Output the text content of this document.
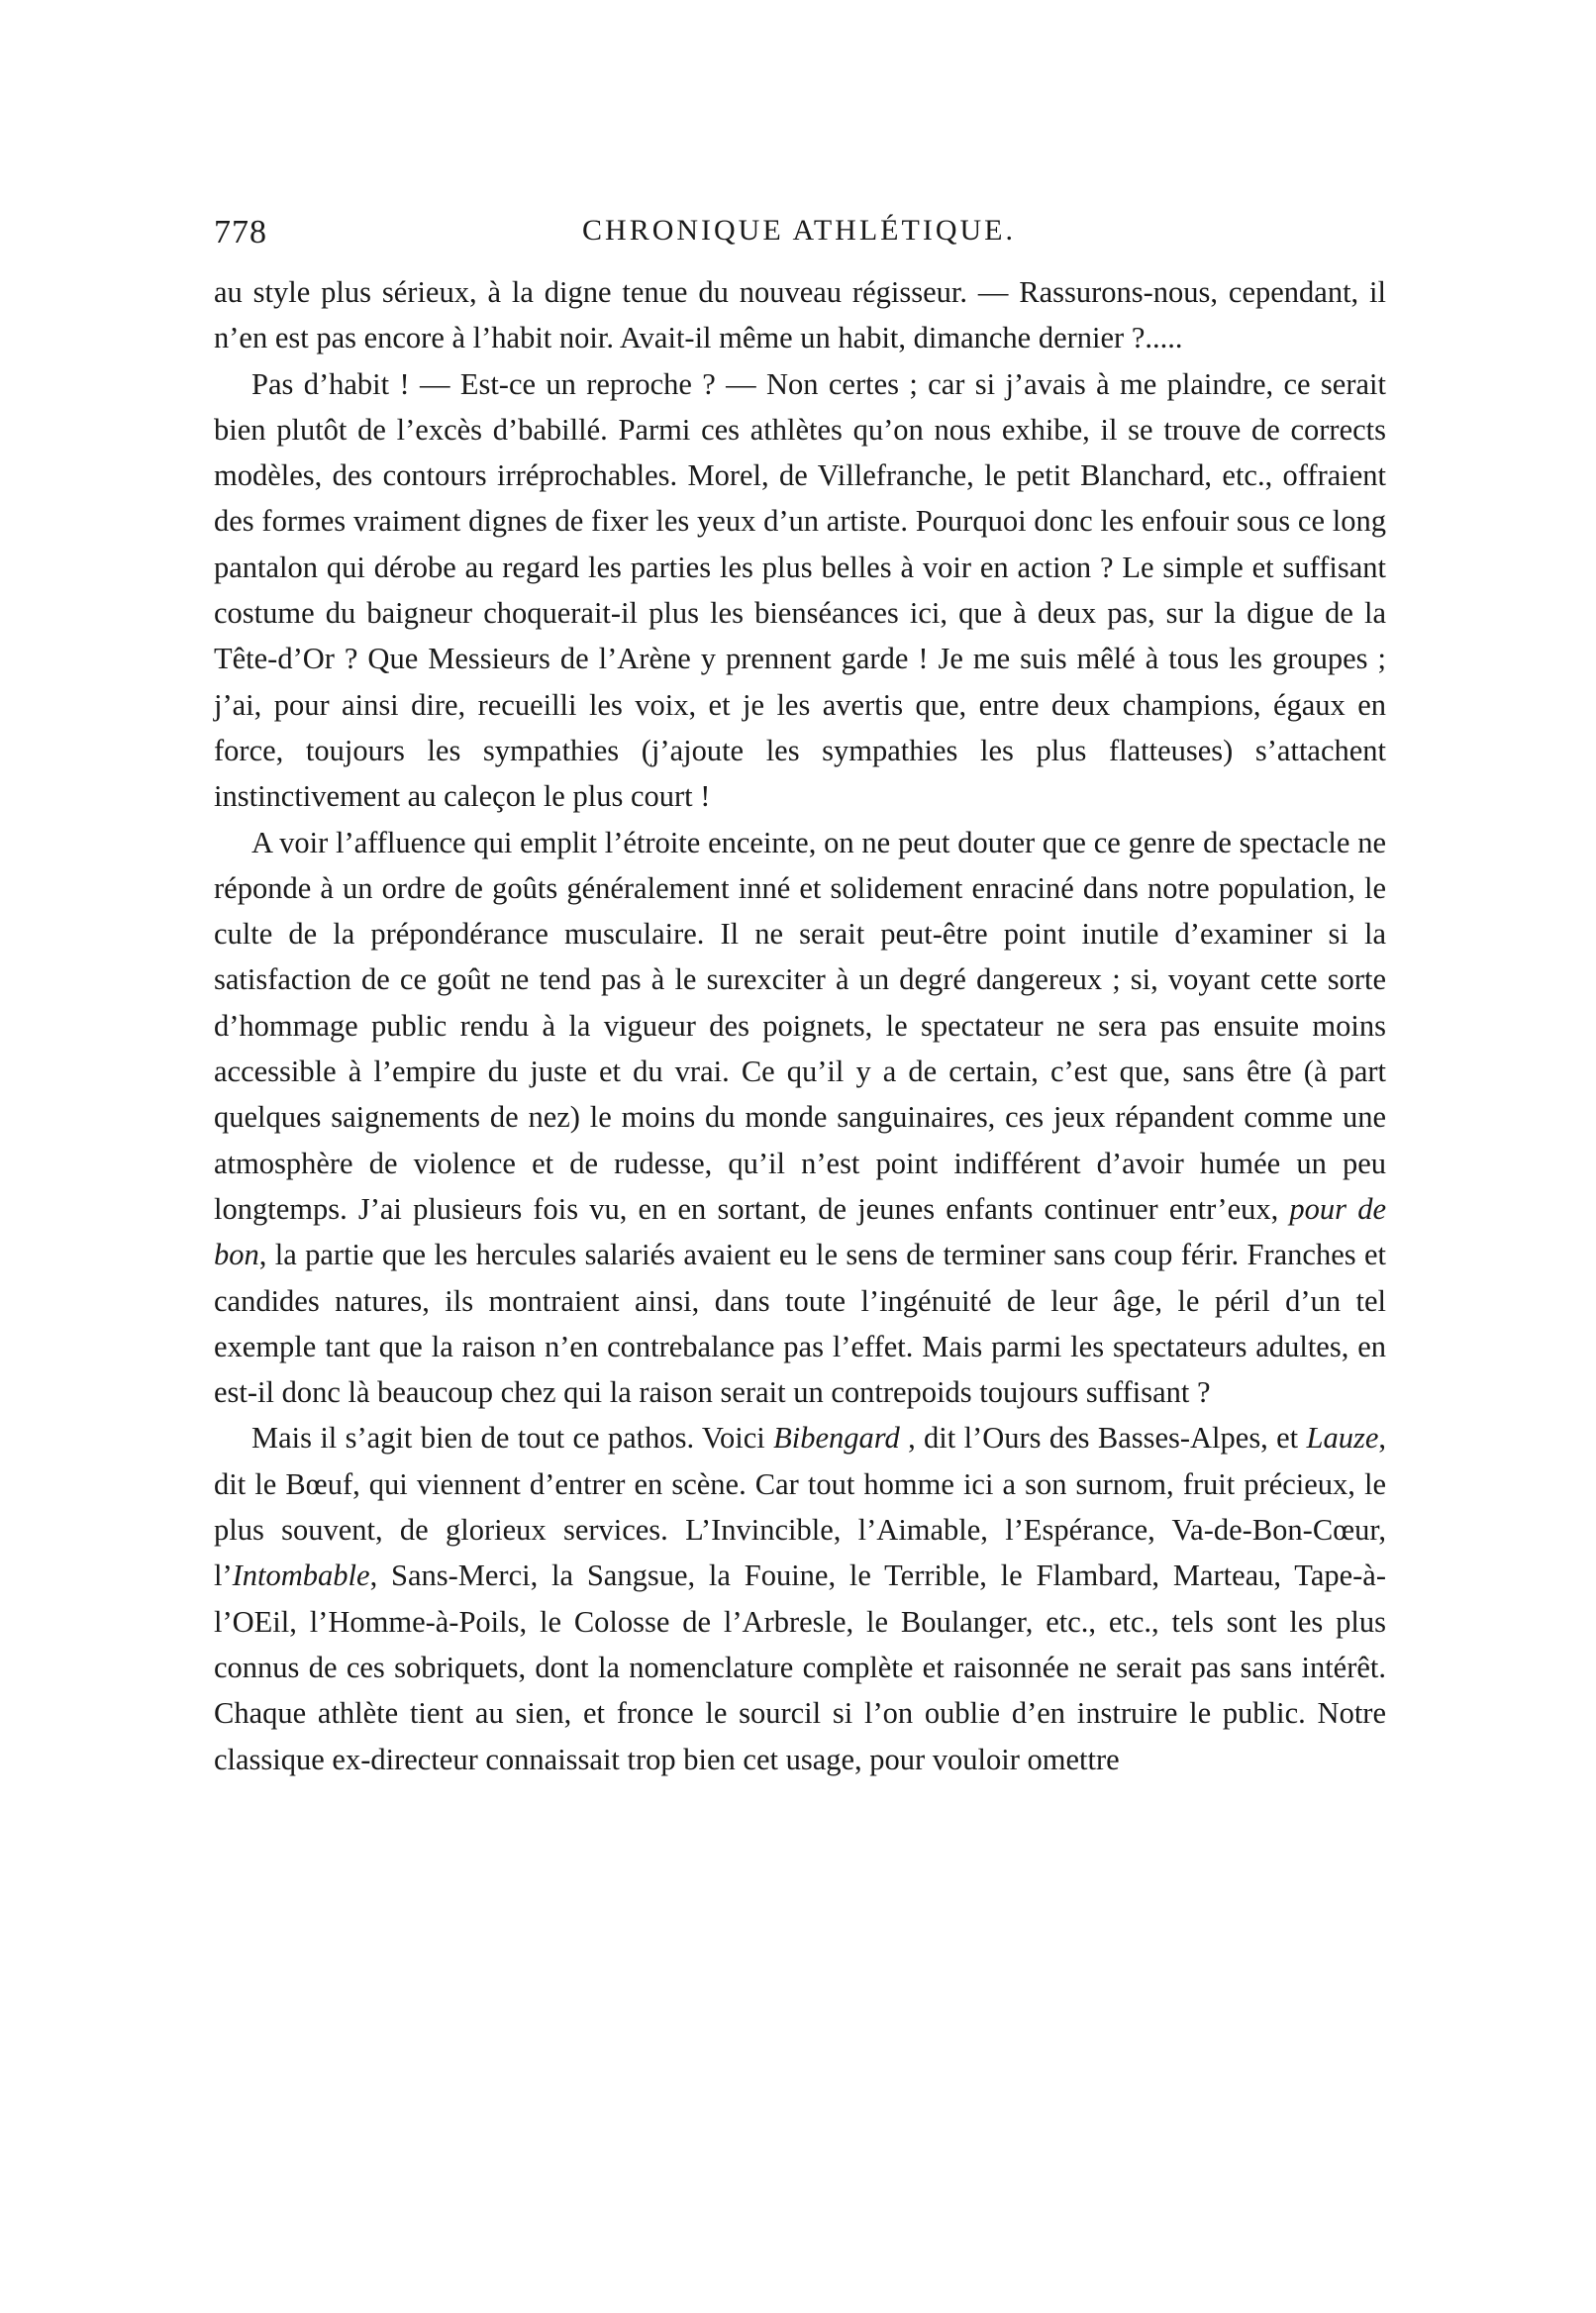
778	CHRONIQUE ATHLÉTIQUE.

au style plus sérieux, à la digne tenue du nouveau régisseur. — Rassurons-nous, cependant, il n’en est pas encore à l’habit noir. Avait-il même un habit, dimanche dernier ?.....

Pas d’habit ! — Est-ce un reproche ? — Non certes ; car si j’avais à me plaindre, ce serait bien plutôt de l’excès d’babillé. Parmi ces athlètes qu’on nous exhibe, il se trouve de corrects modèles, des contours irréprochables. Morel, de Villefranche, le petit Blanchard, etc., offraient des formes vraiment dignes de fixer les yeux d’un artiste. Pourquoi donc les enfouir sous ce long pantalon qui dérobe au regard les parties les plus belles à voir en action ? Le simple et suffisant costume du baigneur choquerait-il plus les bienséances ici, que à deux pas, sur la digue de la Tête-d’Or ? Que Messieurs de l’Arène y prennent garde ! Je me suis mêlé à tous les groupes ; j’ai, pour ainsi dire, recueilli les voix, et je les avertis que, entre deux champions, égaux en force, toujours les sympathies (j’ajoute les sympathies les plus flatteuses) s’attachent instinctivement au caleçon le plus court !

A voir l’affluence qui emplit l’étroite enceinte, on ne peut douter que ce genre de spectacle ne réponde à un ordre de goûts généralement inné et solidement enraciné dans notre population, le culte de la prépondérance musculaire. Il ne serait peut-être point inutile d’examiner si la satisfaction de ce goût ne tend pas à le surexciter à un degré dangereux ; si, voyant cette sorte d’hommage public rendu à la vigueur des poignets, le spectateur ne sera pas ensuite moins accessible à l’empire du juste et du vrai. Ce qu’il y a de certain, c’est que, sans être (à part quelques saignements de nez) le moins du monde sanguinaires, ces jeux répandent comme une atmosphère de violence et de rudesse, qu’il n’est point indifférent d’avoir humée un peu longtemps. J’ai plusieurs fois vu, en en sortant, de jeunes enfants continuer entr’eux, pour de bon, la partie que les hercules salariés avaient eu le sens de terminer sans coup férir. Franches et candides natures, ils montraient ainsi, dans toute l’ingénuité de leur âge, le péril d’un tel exemple tant que la raison n’en contrebalance pas l’effet. Mais parmi les spectateurs adultes, en est-il donc là beaucoup chez qui la raison serait un contrepoids toujours suffisant ?

Mais il s’agit bien de tout ce pathos. Voici Bibengard , dit l’Ours des Basses-Alpes, et Lauze, dit le Bœuf, qui viennent d’entrer en scène. Car tout homme ici a son surnom, fruit précieux, le plus souvent, de glorieux services. L’Invincible, l’Aimable, l’Espérance, Va-de-Bon-Cœur, l’Intombable, Sans-Merci, la Sangsue, la Fouine, le Terrible, le Flambard, Marteau, Tape-à-l’OEil, l’Homme-à-Poils, le Colosse de l’Arbresle, le Boulanger, etc., etc., tels sont les plus connus de ces sobriquets, dont la nomenclature complète et raisonnée ne serait pas sans intérêt. Chaque athlète tient au sien, et fronce le sourcil si l’on oublie d’en instruire le public. Notre classique ex-directeur connaissait trop bien cet usage, pour vouloir omettre
